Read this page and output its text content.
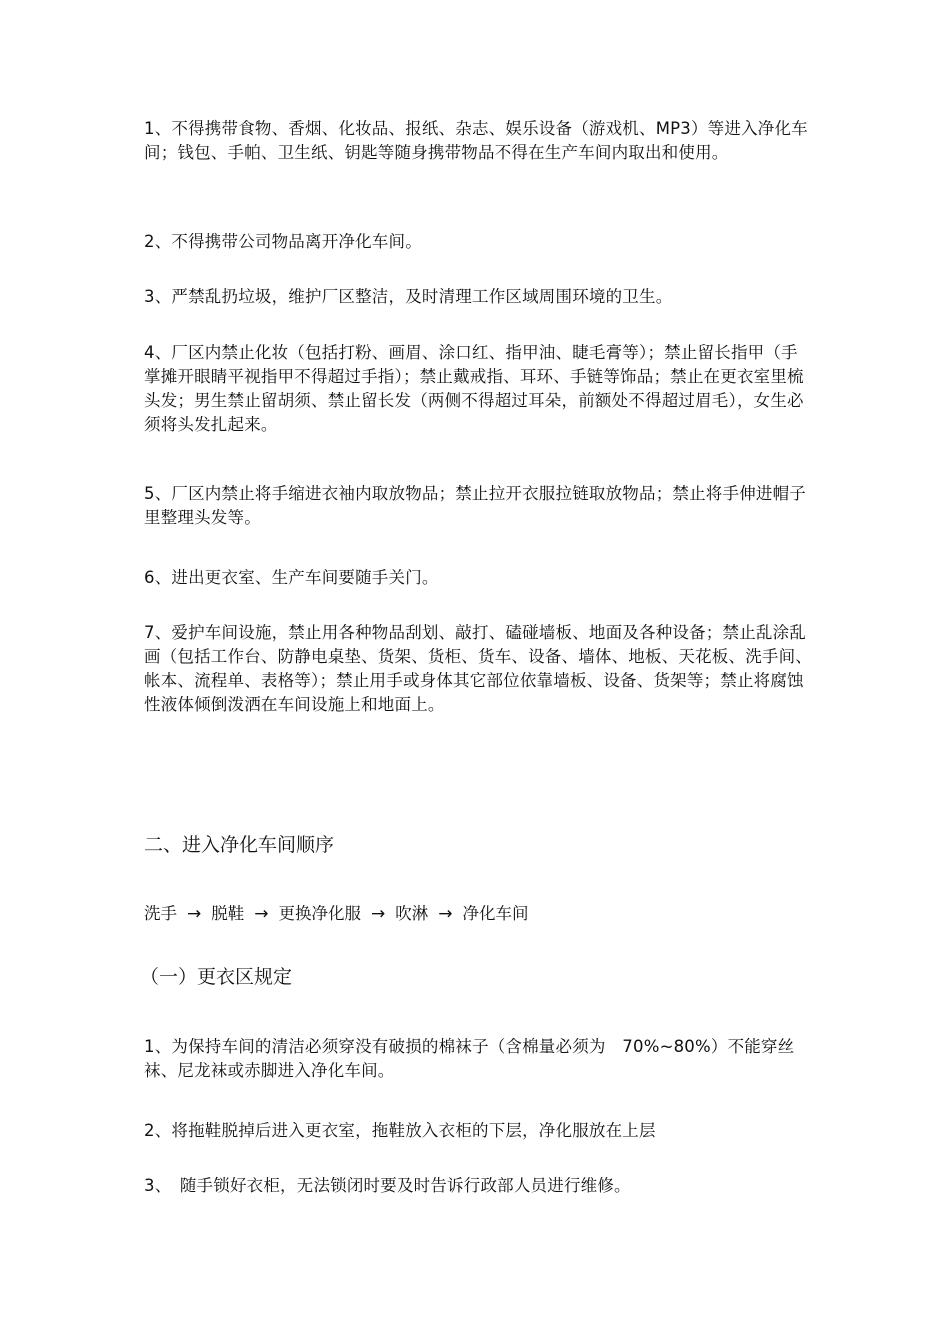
1、不得携带食物、香烟、化妆品、报纸、杂志、娱乐设备（游戏机、MP3）等进入净化车间；钱包、手帕、卫生纸、钥匙等随身携带物品不得在生产车间内取出和使用。

2、不得携带公司物品离开净化车间。

3、严禁乱扔垃圾，维护厂区整洁，及时清理工作区域周围环境的卫生。

4、厂区内禁止化妆（包括打粉、画眉、涂口红、指甲油、睫毛膏等）；禁止留长指甲（手掌摊开眼睛平视指甲不得超过手指）；禁止戴戒指、耳环、手链等饰品；禁止在更衣室里梳头发；男生禁止留胡须、禁止留长发（两侧不得超过耳朵，前额处不得超过眉毛），女生必须将头发扎起来。

5、厂区内禁止将手缩进衣袖内取放物品；禁止拉开衣服拉链取放物品；禁止将手伸进帽子里整理头发等。

6、进出更衣室、生产车间要随手关门。

7、爱护车间设施，禁止用各种物品刮划、敲打、磕碰墙板、地面及各种设备；禁止乱涂乱画（包括工作台、防静电桌垫、货架、货柜、货车、设备、墙体、地板、天花板、洗手间、帐本、流程单、表格等）；禁止用手或身体其它部位依靠墙板、设备、货架等；禁止将腐蚀性液体倾倒泼洒在车间设施上和地面上。

二、进入净化车间顺序
洗手 → 脱鞋 → 更换净化服 → 吹淋 → 净化车间
（一）更衣区规定

1、为保持车间的清洁必须穿没有破损的棉袜子（含棉量必须为　70%~80%）不能穿丝袜、尼龙袜或赤脚进入净化车间。

2、将拖鞋脱掉后进入更衣室，拖鞋放入衣柜的下层，净化服放在上层

3、　随手锁好衣柜，无法锁闭时要及时告诉行政部人员进行维修。
